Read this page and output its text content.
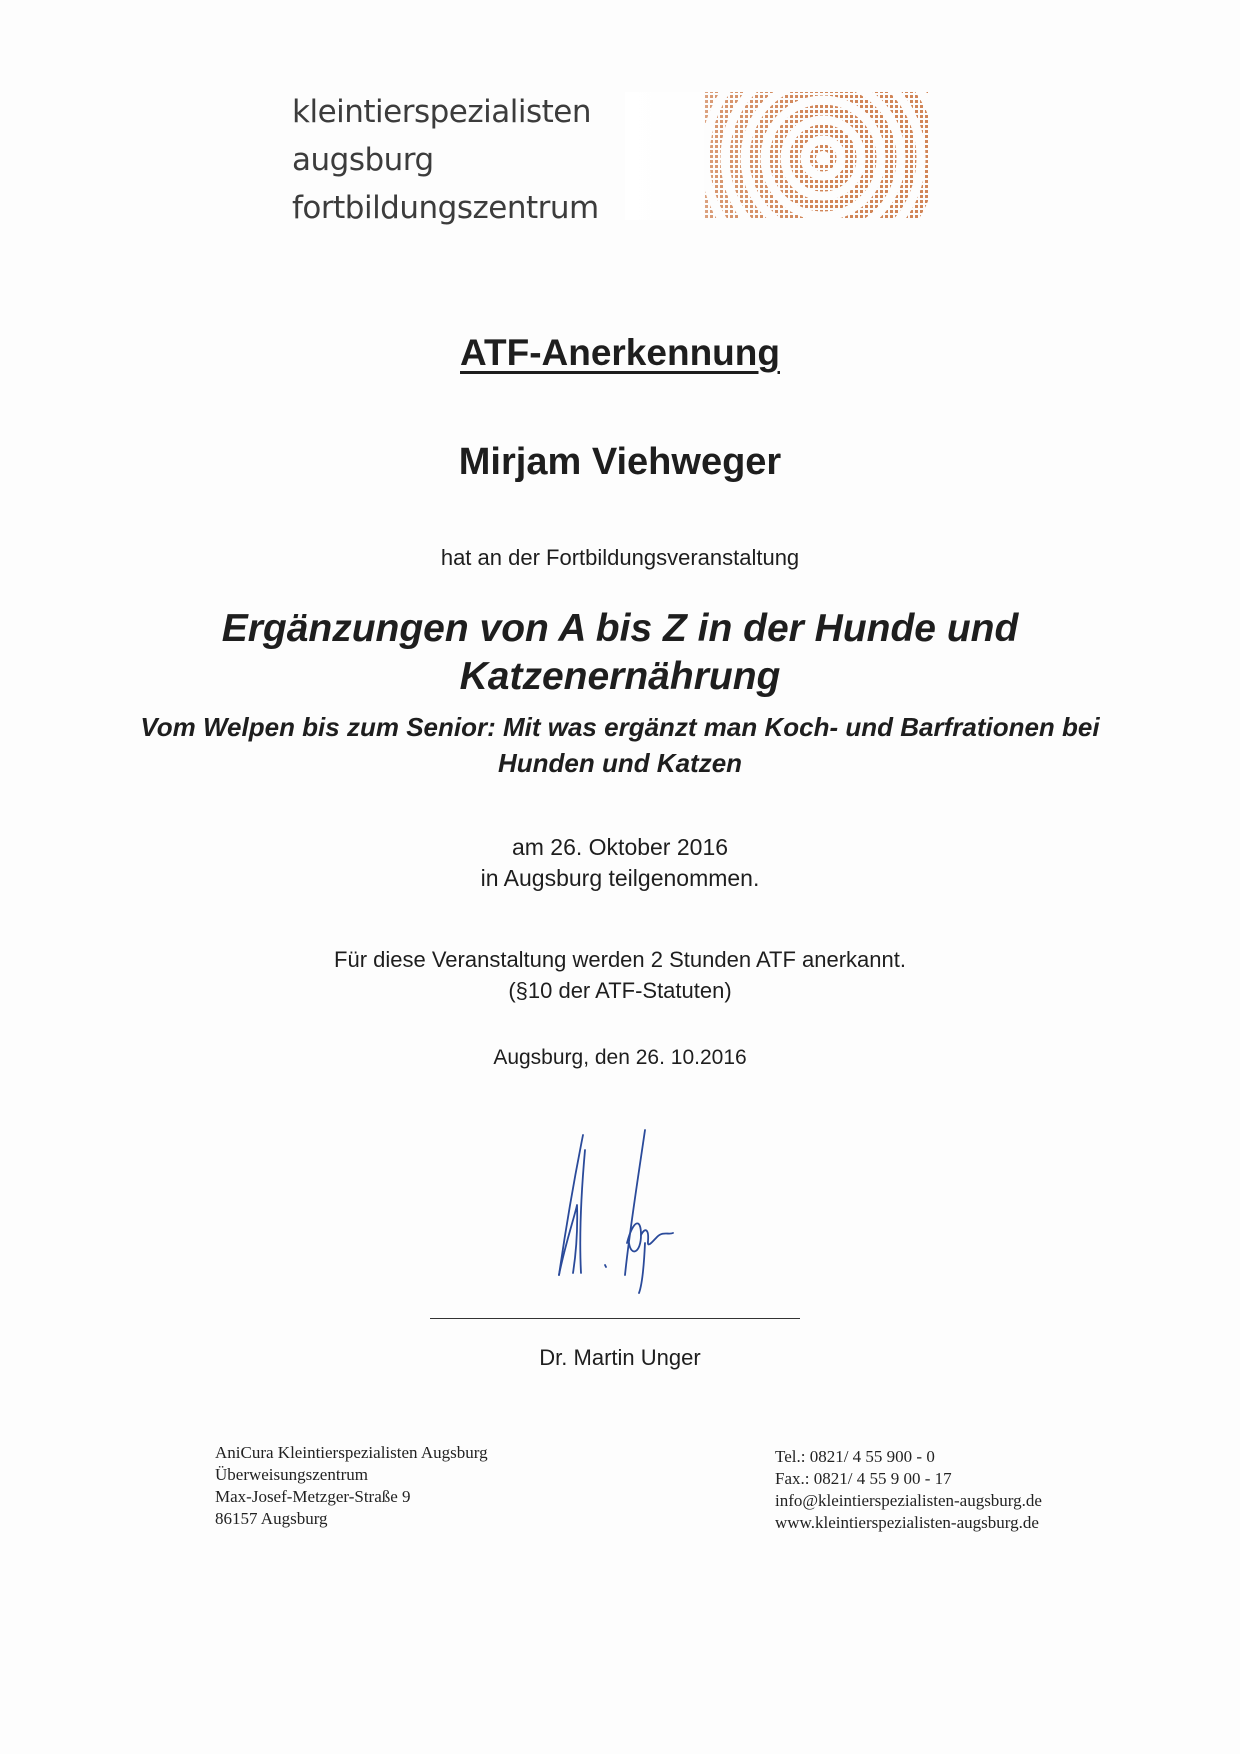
kleintierspezialisten
augsburg
fortbildungszentrum
ATF-Anerkennung
Mirjam Viehweger
hat an der Fortbildungsveranstaltung
Ergänzungen von A bis Z in der Hunde und
Katzenernährung
Vom Welpen bis zum Senior: Mit was ergänzt man Koch- und Barfrationen bei
Hunden und Katzen
am 26. Oktober 2016
in Augsburg teilgenommen.
Für diese Veranstaltung werden 2 Stunden ATF anerkannt.
(§10 der ATF-Statuten)
Augsburg, den 26. 10.2016
Dr. Martin Unger
AniCura Kleintierspezialisten Augsburg
Überweisungszentrum
Max-Josef-Metzger-Straße 9
86157 Augsburg
Tel.: 0821/ 4 55 900 - 0
Fax.: 0821/ 4 55 9 00 - 17
info@kleintierspezialisten-augsburg.de
www.kleintierspezialisten-augsburg.de
